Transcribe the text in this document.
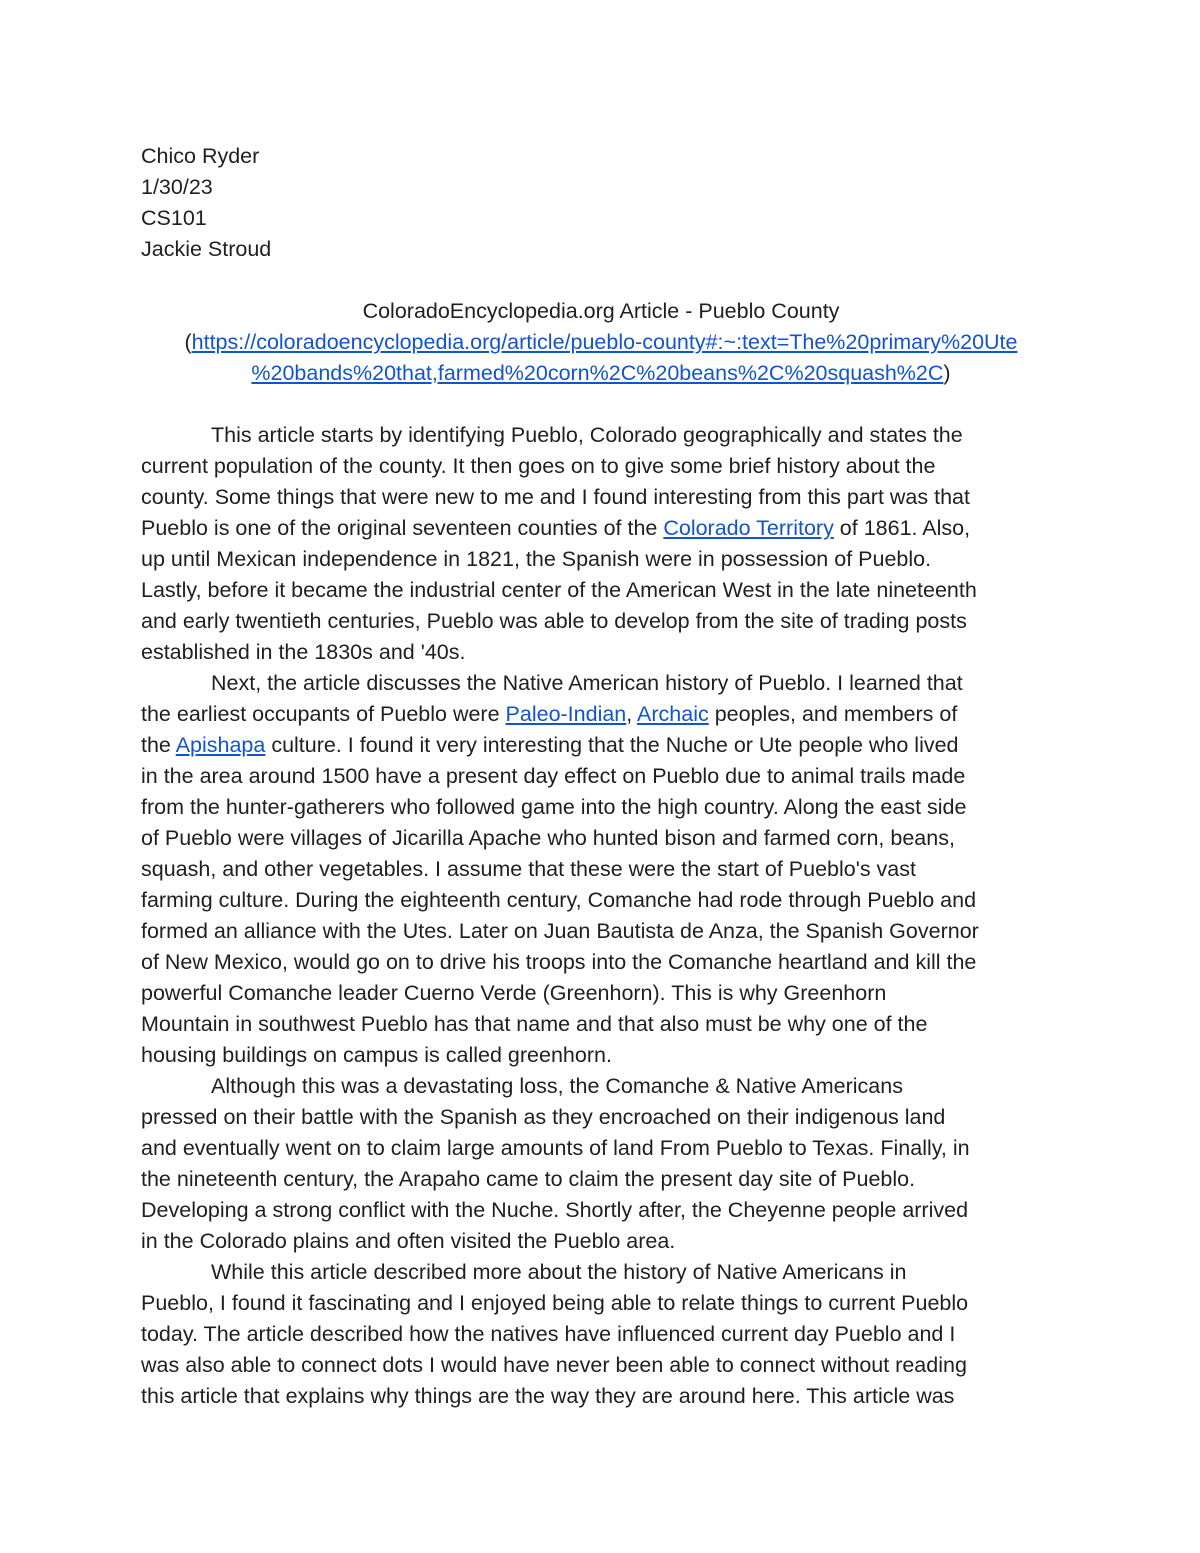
Chico Ryder
1/30/23
CS101
Jackie Stroud
ColoradoEncyclopedia.org Article - Pueblo County
(https://coloradoencyclopedia.org/article/pueblo-county#:~:text=The%20primary%20Ute
%20bands%20that,farmed%20corn%2C%20beans%2C%20squash%2C)
This article starts by identifying Pueblo, Colorado geographically and states the
current population of the county. It then goes on to give some brief history about the
county. Some things that were new to me and I found interesting from this part was that
Pueblo is one of the original seventeen counties of the Colorado Territory of 1861. Also,
up until Mexican independence in 1821, the Spanish were in possession of Pueblo.
Lastly, before it became the industrial center of the American West in the late nineteenth
and early twentieth centuries, Pueblo was able to develop from the site of trading posts
established in the 1830s and '40s.
Next, the article discusses the Native American history of Pueblo. I learned that
the earliest occupants of Pueblo were Paleo-Indian, Archaic peoples, and members of
the Apishapa culture. I found it very interesting that the Nuche or Ute people who lived
in the area around 1500 have a present day effect on Pueblo due to animal trails made
from the hunter-gatherers who followed game into the high country. Along the east side
of Pueblo were villages of Jicarilla Apache who hunted bison and farmed corn, beans,
squash, and other vegetables. I assume that these were the start of Pueblo's vast
farming culture. During the eighteenth century, Comanche had rode through Pueblo and
formed an alliance with the Utes. Later on Juan Bautista de Anza, the Spanish Governor
of New Mexico, would go on to drive his troops into the Comanche heartland and kill the
powerful Comanche leader Cuerno Verde (Greenhorn). This is why Greenhorn
Mountain in southwest Pueblo has that name and that also must be why one of the
housing buildings on campus is called greenhorn.
Although this was a devastating loss, the Comanche & Native Americans
pressed on their battle with the Spanish as they encroached on their indigenous land
and eventually went on to claim large amounts of land From Pueblo to Texas. Finally, in
the nineteenth century, the Arapaho came to claim the present day site of Pueblo.
Developing a strong conflict with the Nuche. Shortly after, the Cheyenne people arrived
in the Colorado plains and often visited the Pueblo area.
While this article described more about the history of Native Americans in
Pueblo, I found it fascinating and I enjoyed being able to relate things to current Pueblo
today. The article described how the natives have influenced current day Pueblo and I
was also able to connect dots I would have never been able to connect without reading
this article that explains why things are the way they are around here. This article was
